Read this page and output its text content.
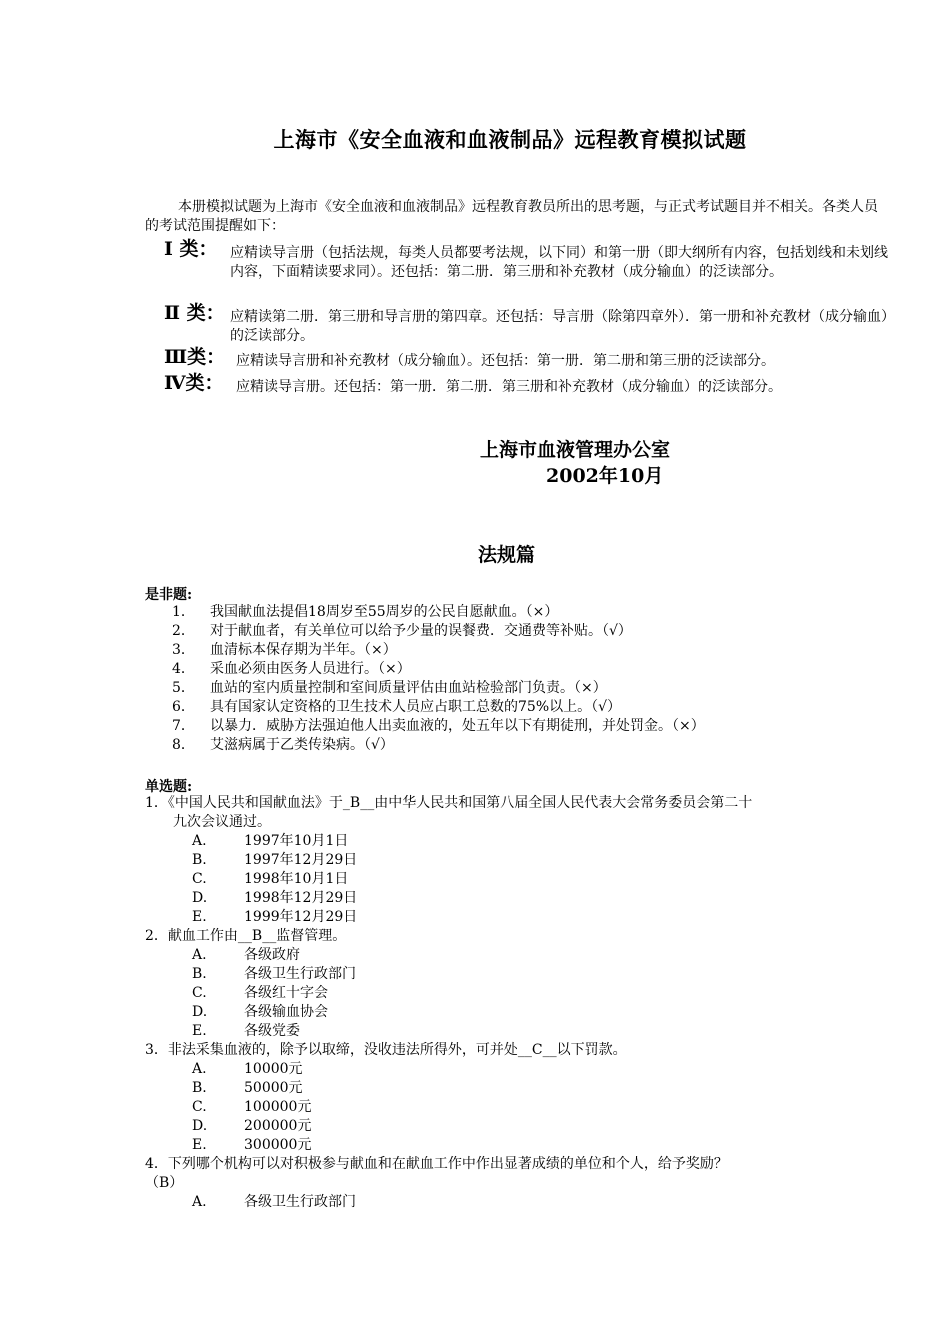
上海市《安全血液和血液制品》远程教育模拟试题
本册模拟试题为上海市《安全血液和血液制品》远程教育教员所出的思考题，与正式考试题目并不相关。各类人员的考试范围提醒如下：
Ⅰ 类： 应精读导言册（包括法规，每类人员都要考法规，以下同）和第一册（即大纲所有内容，包括划线和未划线内容，下面精读要求同）。还包括：第二册．第三册和补充教材（成分输血）的泛读部分。
Ⅱ 类： 应精读第二册．第三册和导言册的第四章。还包括：导言册（除第四章外）．第一册和补充教材（成分输血）的泛读部分。
Ⅲ类： 应精读导言册和补充教材（成分输血）。还包括：第一册．第二册和第三册的泛读部分。
Ⅳ类： 应精读导言册。还包括：第一册．第二册．第三册和补充教材（成分输血）的泛读部分。
上海市血液管理办公室
2002年10月
法规篇
是非题:
1． 我国献血法提倡18周岁至55周岁的公民自愿献血。（×）
2． 对于献血者，有关单位可以给予少量的误餐费．交通费等补贴。（√）
3． 血清标本保存期为半年。（×）
4． 采血必须由医务人员进行。（×）
5． 血站的室内质量控制和室间质量评估由血站检验部门负责。（×）
6． 具有国家认定资格的卫生技术人员应占职工总数的75%以上。（√）
7． 以暴力．威胁方法强迫他人出卖血液的，处五年以下有期徒刑，并处罚金。（×）
8． 艾滋病属于乙类传染病。（√）
单选题:
1．《中国人民共和国献血法》于_B__由中华人民共和国第八届全国人民代表大会常务委员会第二十
九次会议通过。
A.	1997年10月1日
B.	1997年12月29日
C.	1998年10月1日
D.	1998年12月29日
E.	1999年12月29日
2．献血工作由__B__监督管理。
A.	各级政府
B.	各级卫生行政部门
C.	各级红十字会
D.	各级输血协会
E.	各级党委
3．非法采集血液的，除予以取缔，没收违法所得外，可并处__C__以下罚款。
A.	10000元
B.	50000元
C.	100000元
D.	200000元
E.	300000元
4．下列哪个机构可以对积极参与献血和在献血工作中作出显著成绩的单位和个人，给予奖励？
（B）
A.	各级卫生行政部门
